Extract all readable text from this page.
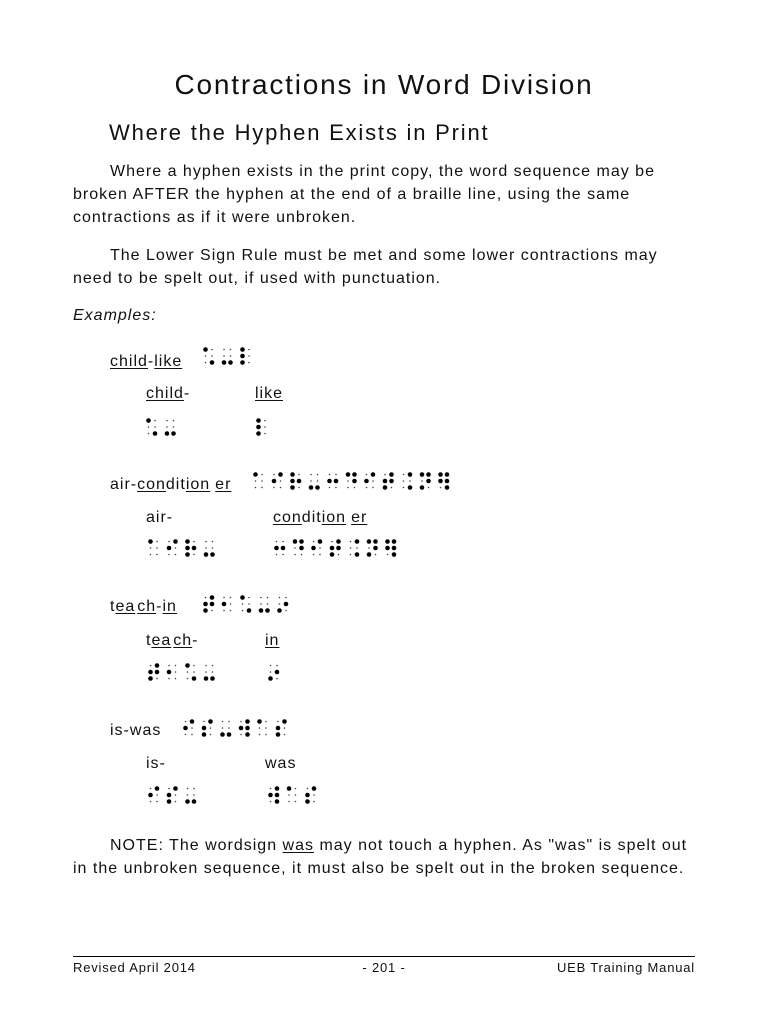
Contractions in Word Division
Where the Hyphen Exists in Print

Where a hyphen exists in the print copy, the word sequence may be broken AFTER the hyphen at the end of a braille line, using the same contractions as if it were unbroken.

The Lower Sign Rule must be met and some lower contractions may need to be spelt out, if used with punctuation.

Examples:
child-like
child-	like
air-condition er
air-	condition er
tea ch-in
tea ch-	in
is-was
is-	was

NOTE: The wordsign was may not touch a hyphen. As "was" is spelt out in the unbroken sequence, it must also be spelt out in the broken sequence.

Revised April 2014	- 201 -	UEB Training Manual
